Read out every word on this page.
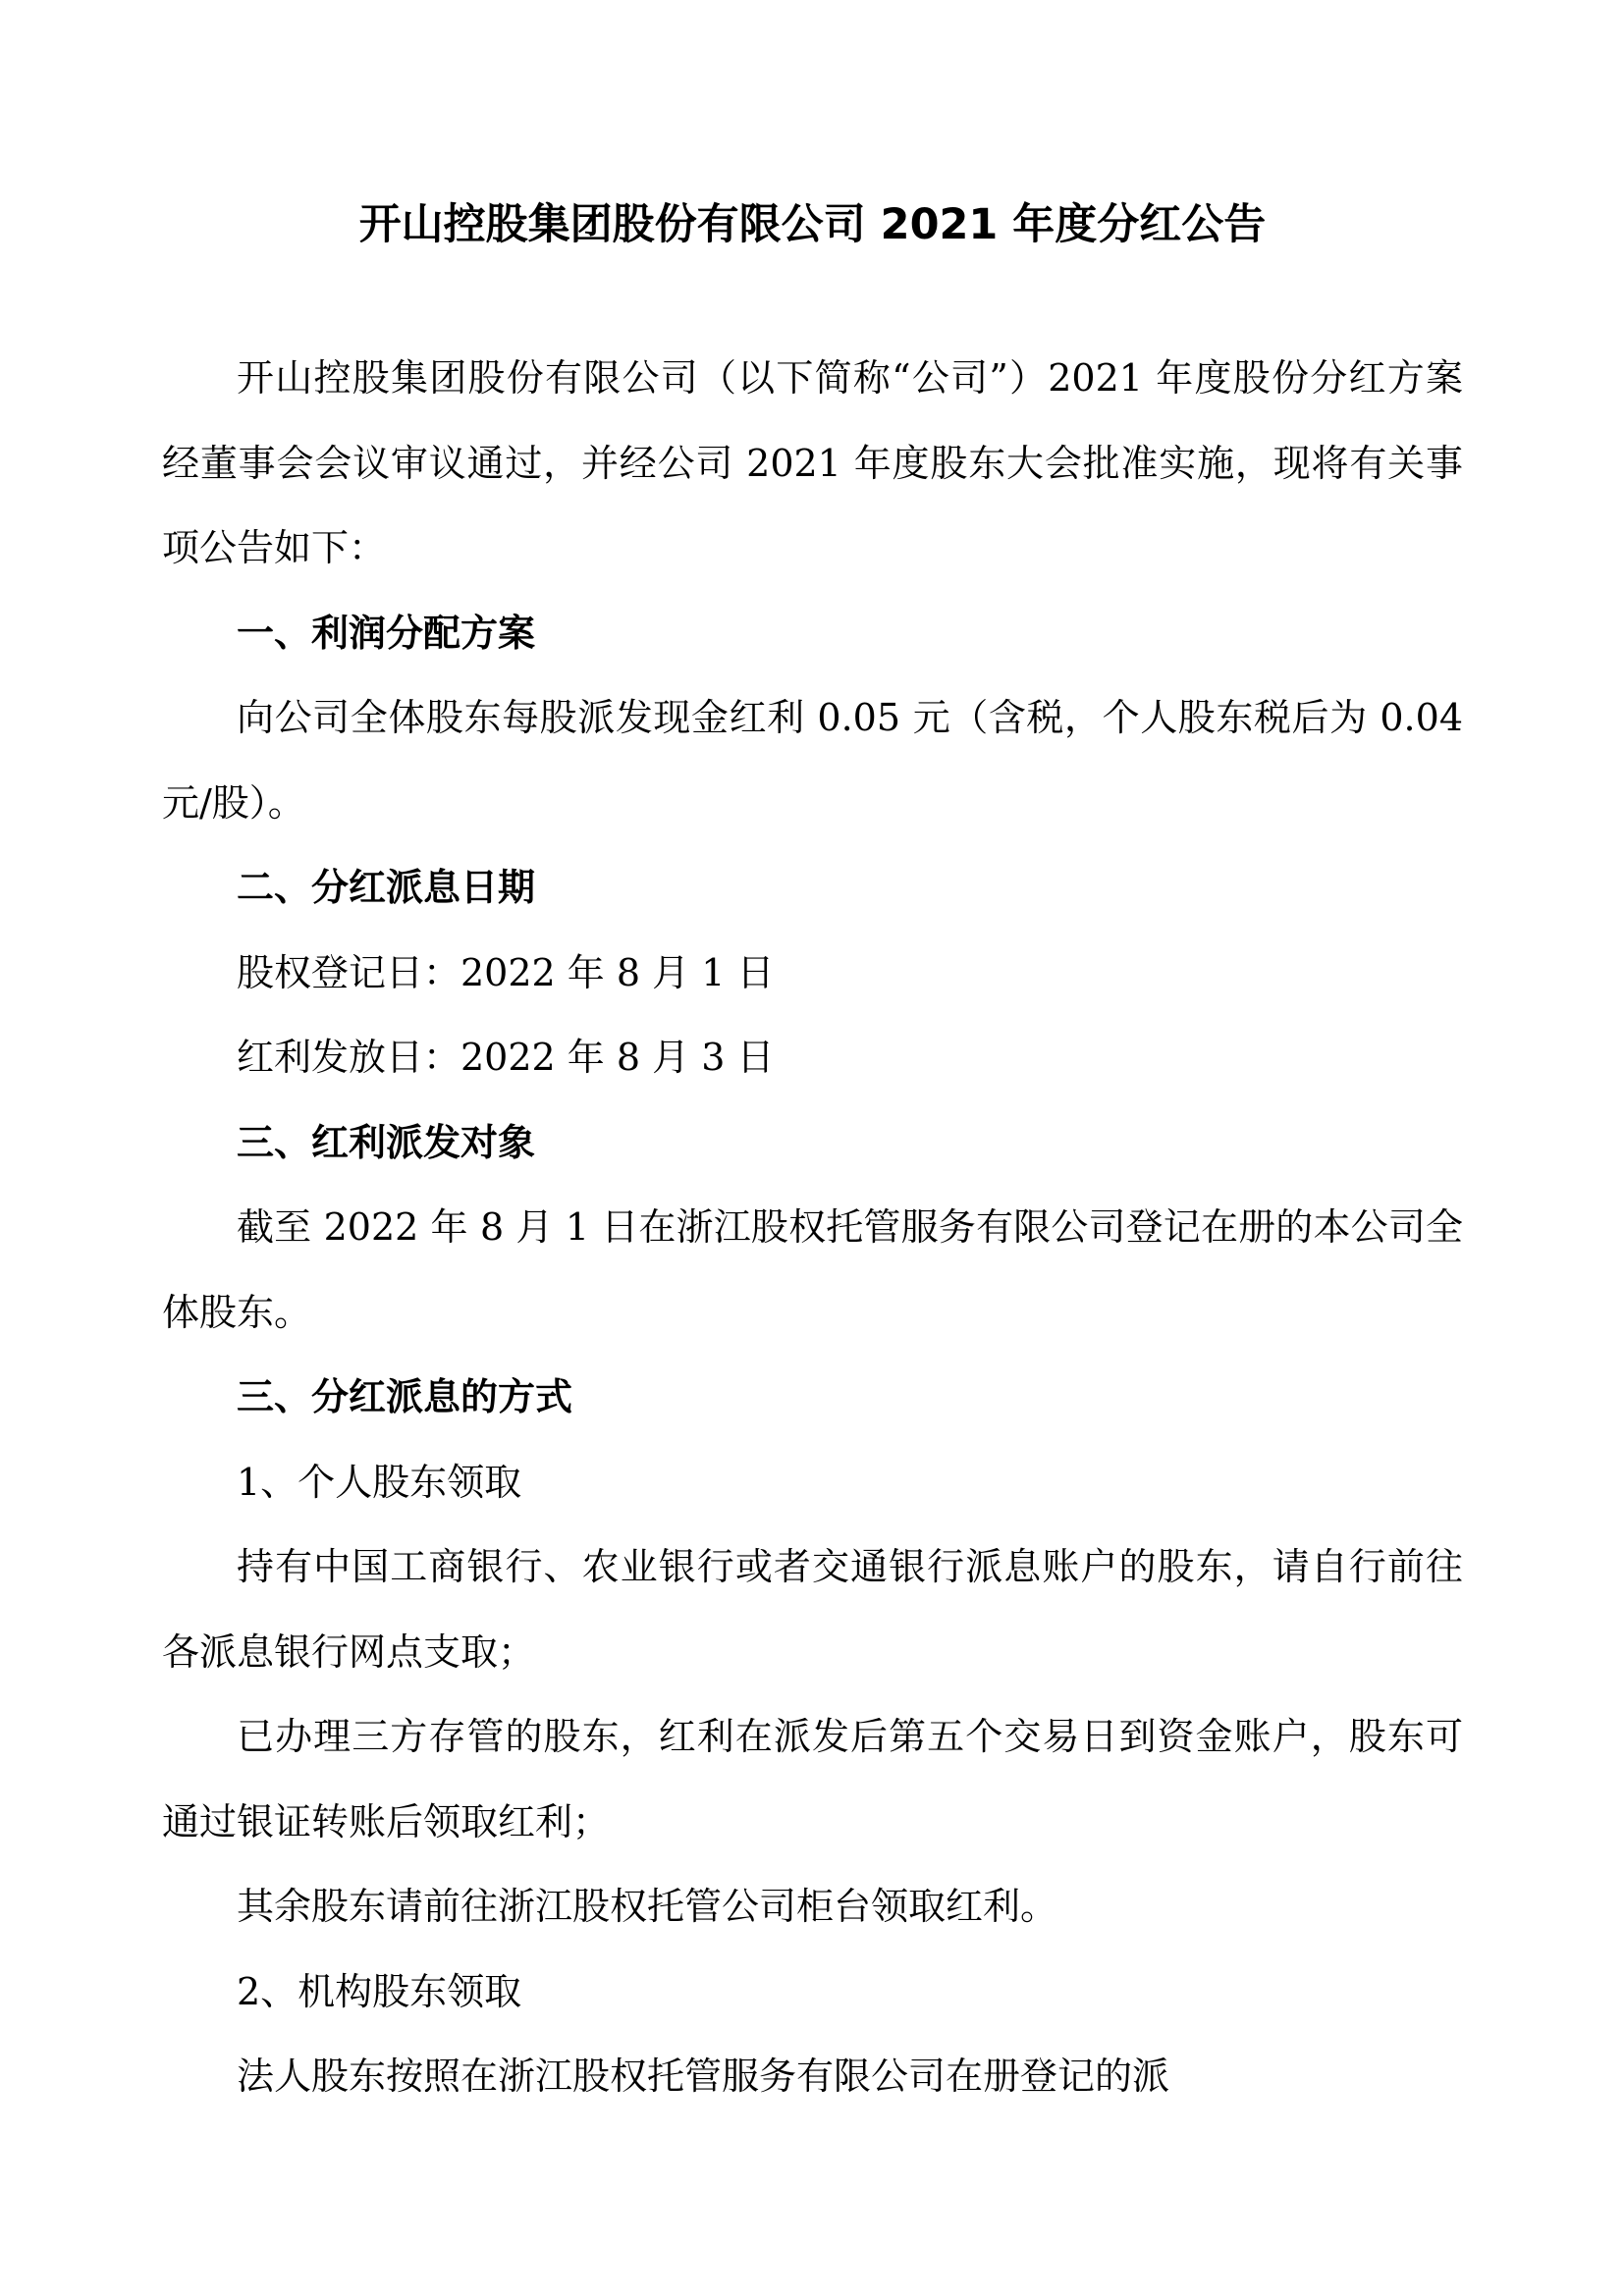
开山控股集团股份有限公司 2021 年度分红公告

开山控股集团股份有限公司（以下简称“公司”）2021 年度股份分红方案经董事会会议审议通过，并经公司 2021 年度股东大会批准实施，现将有关事项公告如下：

一、利润分配方案

向公司全体股东每股派发现金红利 0.05 元（含税，个人股东税后为 0.04 元/股）。

二、分红派息日期

股权登记日：2022 年 8 月 1 日

红利发放日：2022 年 8 月 3 日

三、红利派发对象

截至 2022 年 8 月 1 日在浙江股权托管服务有限公司登记在册的本公司全体股东。

三、分红派息的方式

1、个人股东领取

持有中国工商银行、农业银行或者交通银行派息账户的股东，请自行前往各派息银行网点支取；

已办理三方存管的股东，红利在派发后第五个交易日到资金账户，股东可通过银证转账后领取红利；

其余股东请前往浙江股权托管公司柜台领取红利。

2、机构股东领取

法人股东按照在浙江股权托管服务有限公司在册登记的派
